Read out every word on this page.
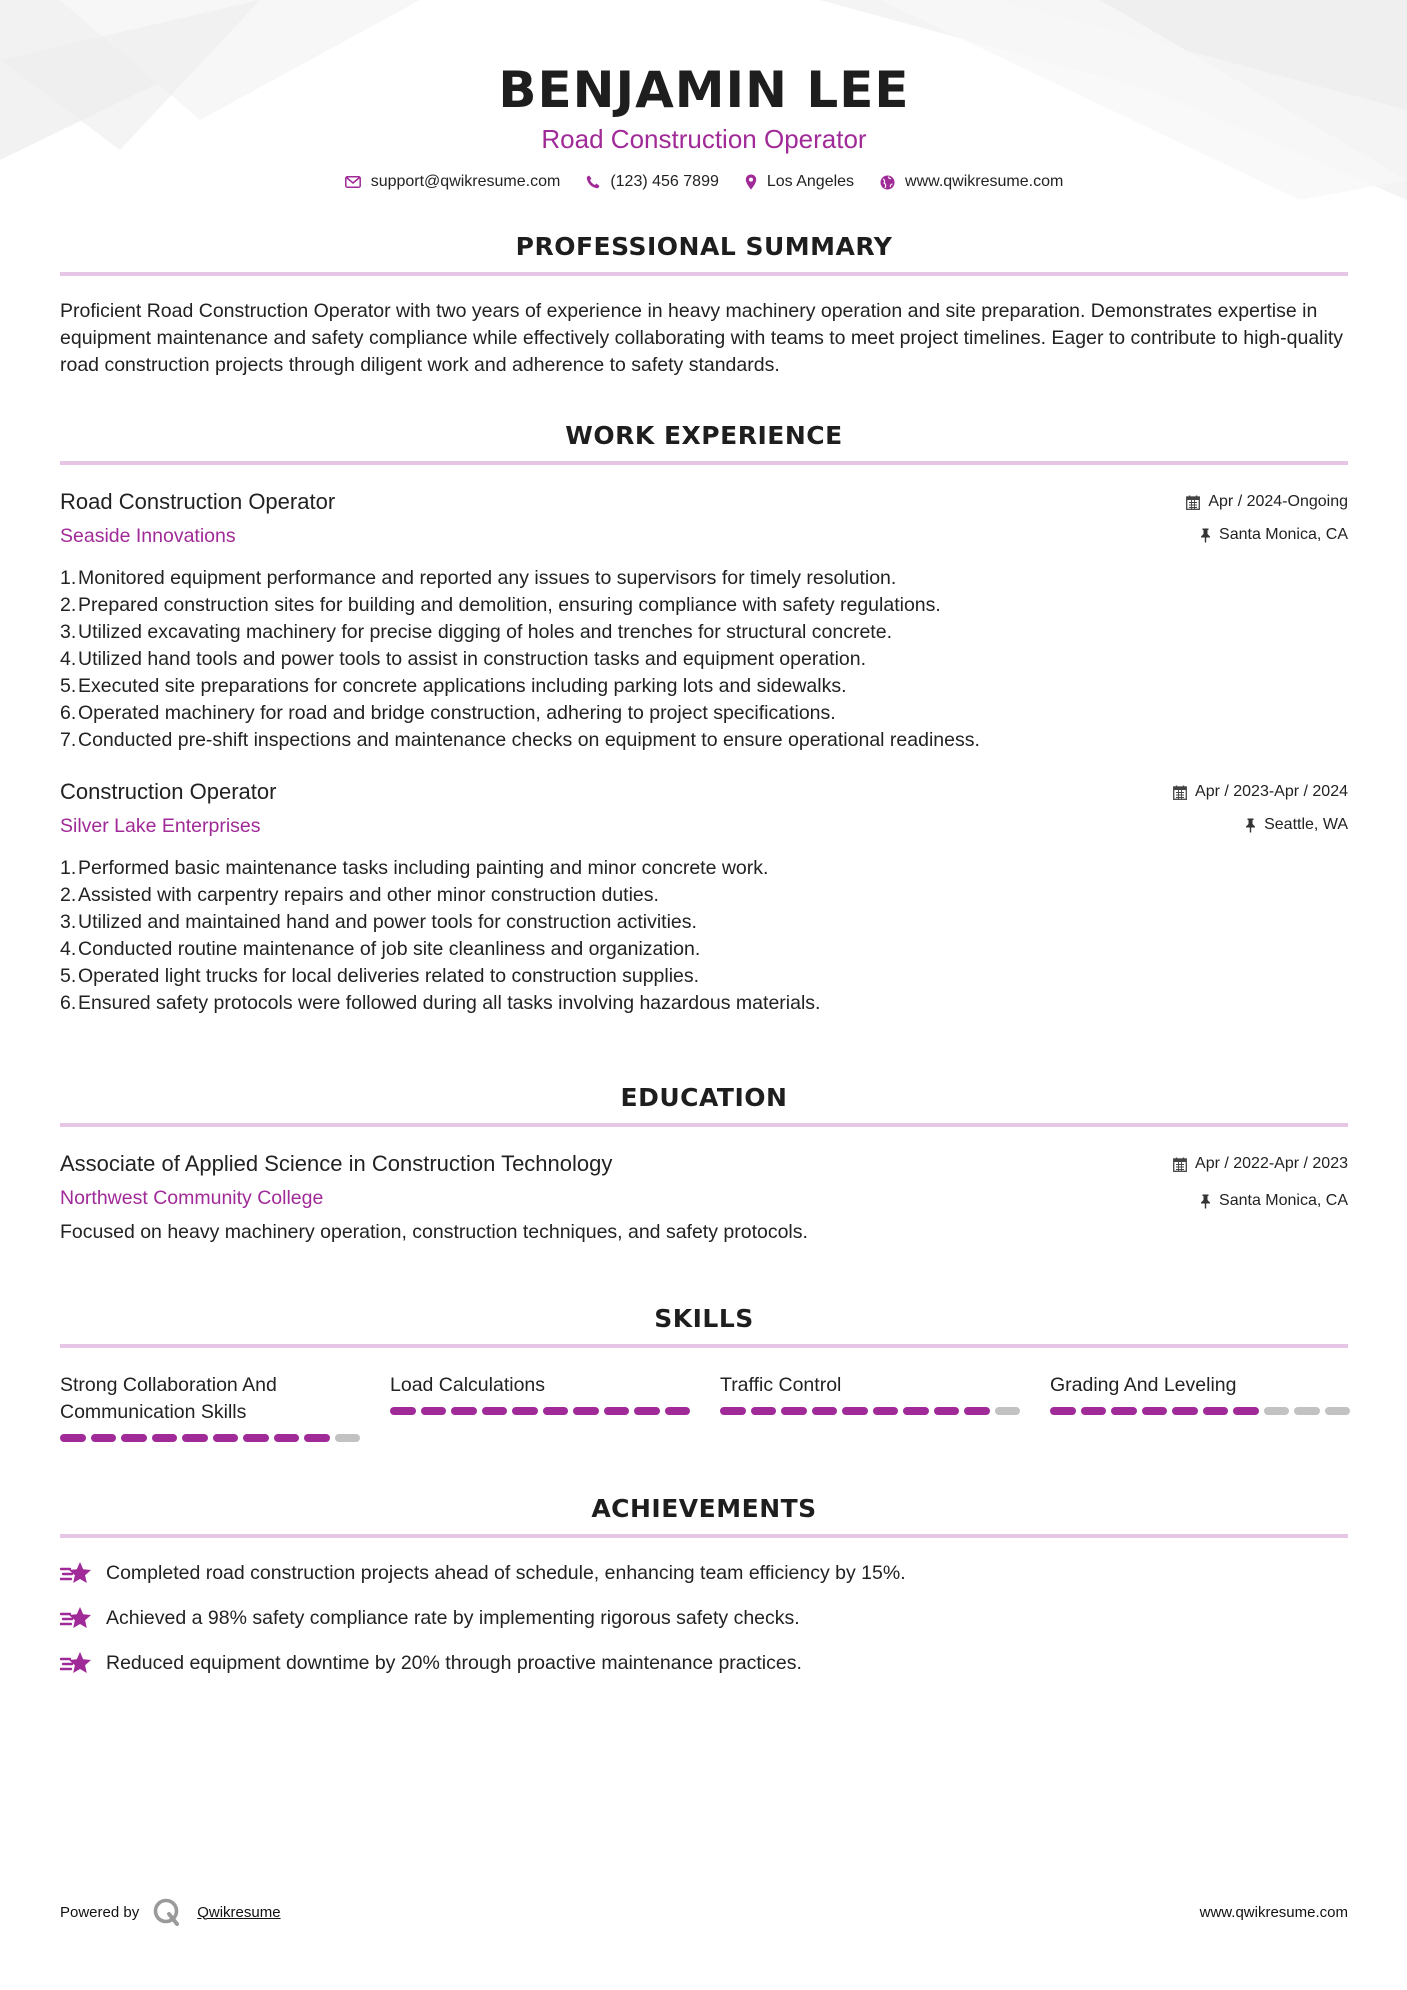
BENJAMIN LEE
Road Construction Operator
support@qwikresume.com	(123) 456 7899	Los Angeles	www.qwikresume.com
PROFESSIONAL SUMMARY
Proficient Road Construction Operator with two years of experience in heavy machinery operation and site preparation. Demonstrates expertise in equipment maintenance and safety compliance while effectively collaborating with teams to meet project timelines. Eager to contribute to high-quality road construction projects through diligent work and adherence to safety standards.
WORK EXPERIENCE
Road Construction Operator
Seaside Innovations
Apr / 2024-Ongoing
Santa Monica, CA
1. Monitored equipment performance and reported any issues to supervisors for timely resolution.
2. Prepared construction sites for building and demolition, ensuring compliance with safety regulations.
3. Utilized excavating machinery for precise digging of holes and trenches for structural concrete.
4. Utilized hand tools and power tools to assist in construction tasks and equipment operation.
5. Executed site preparations for concrete applications including parking lots and sidewalks.
6. Operated machinery for road and bridge construction, adhering to project specifications.
7. Conducted pre-shift inspections and maintenance checks on equipment to ensure operational readiness.
Construction Operator
Silver Lake Enterprises
Apr / 2023-Apr / 2024
Seattle, WA
1. Performed basic maintenance tasks including painting and minor concrete work.
2. Assisted with carpentry repairs and other minor construction duties.
3. Utilized and maintained hand and power tools for construction activities.
4. Conducted routine maintenance of job site cleanliness and organization.
5. Operated light trucks for local deliveries related to construction supplies.
6. Ensured safety protocols were followed during all tasks involving hazardous materials.
EDUCATION
Associate of Applied Science in Construction Technology
Northwest Community College
Apr / 2022-Apr / 2023
Santa Monica, CA
Focused on heavy machinery operation, construction techniques, and safety protocols.
SKILLS
Strong Collaboration And Communication Skills
Load Calculations	Traffic Control	Grading And Leveling
ACHIEVEMENTS
Completed road construction projects ahead of schedule, enhancing team efficiency by 15%.
Achieved a 98% safety compliance rate by implementing rigorous safety checks.
Reduced equipment downtime by 20% through proactive maintenance practices.
Powered by	Qwikresume	www.qwikresume.com
